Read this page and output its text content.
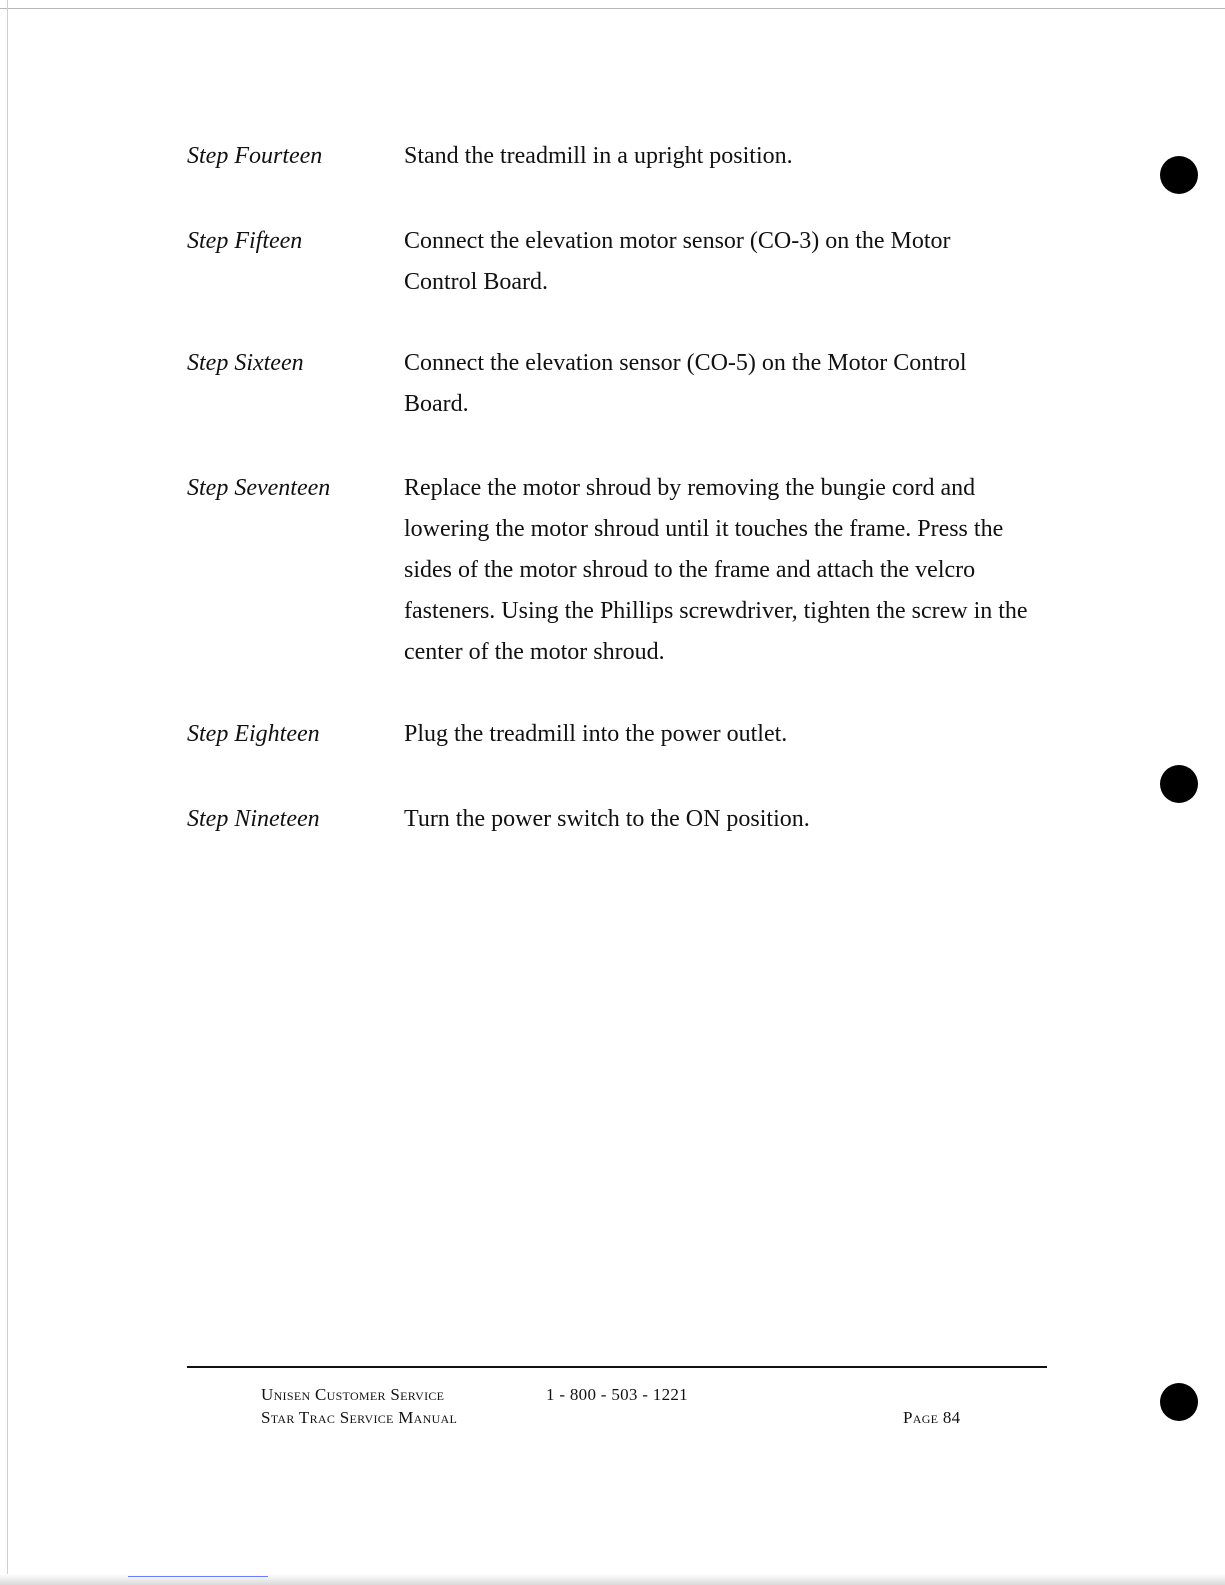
Step Fourteen	Stand the treadmill in a upright position.
Step Fifteen	Connect the elevation motor sensor (CO-3) on the Motor Control Board.
Step Sixteen	Connect the elevation sensor (CO-5) on the Motor Control Board.
Step Seventeen	Replace the motor shroud by removing the bungie cord and lowering the motor shroud until it touches the frame. Press the sides of the motor shroud to the frame and attach the velcro fasteners. Using the Phillips screwdriver, tighten the screw in the center of the motor shroud.
Step Eighteen	Plug the treadmill into the power outlet.
Step Nineteen	Turn the power switch to the ON position.
Unisen Customer Service
Star Trac Service Manual
1 - 800 - 503 - 1221
Page 84
